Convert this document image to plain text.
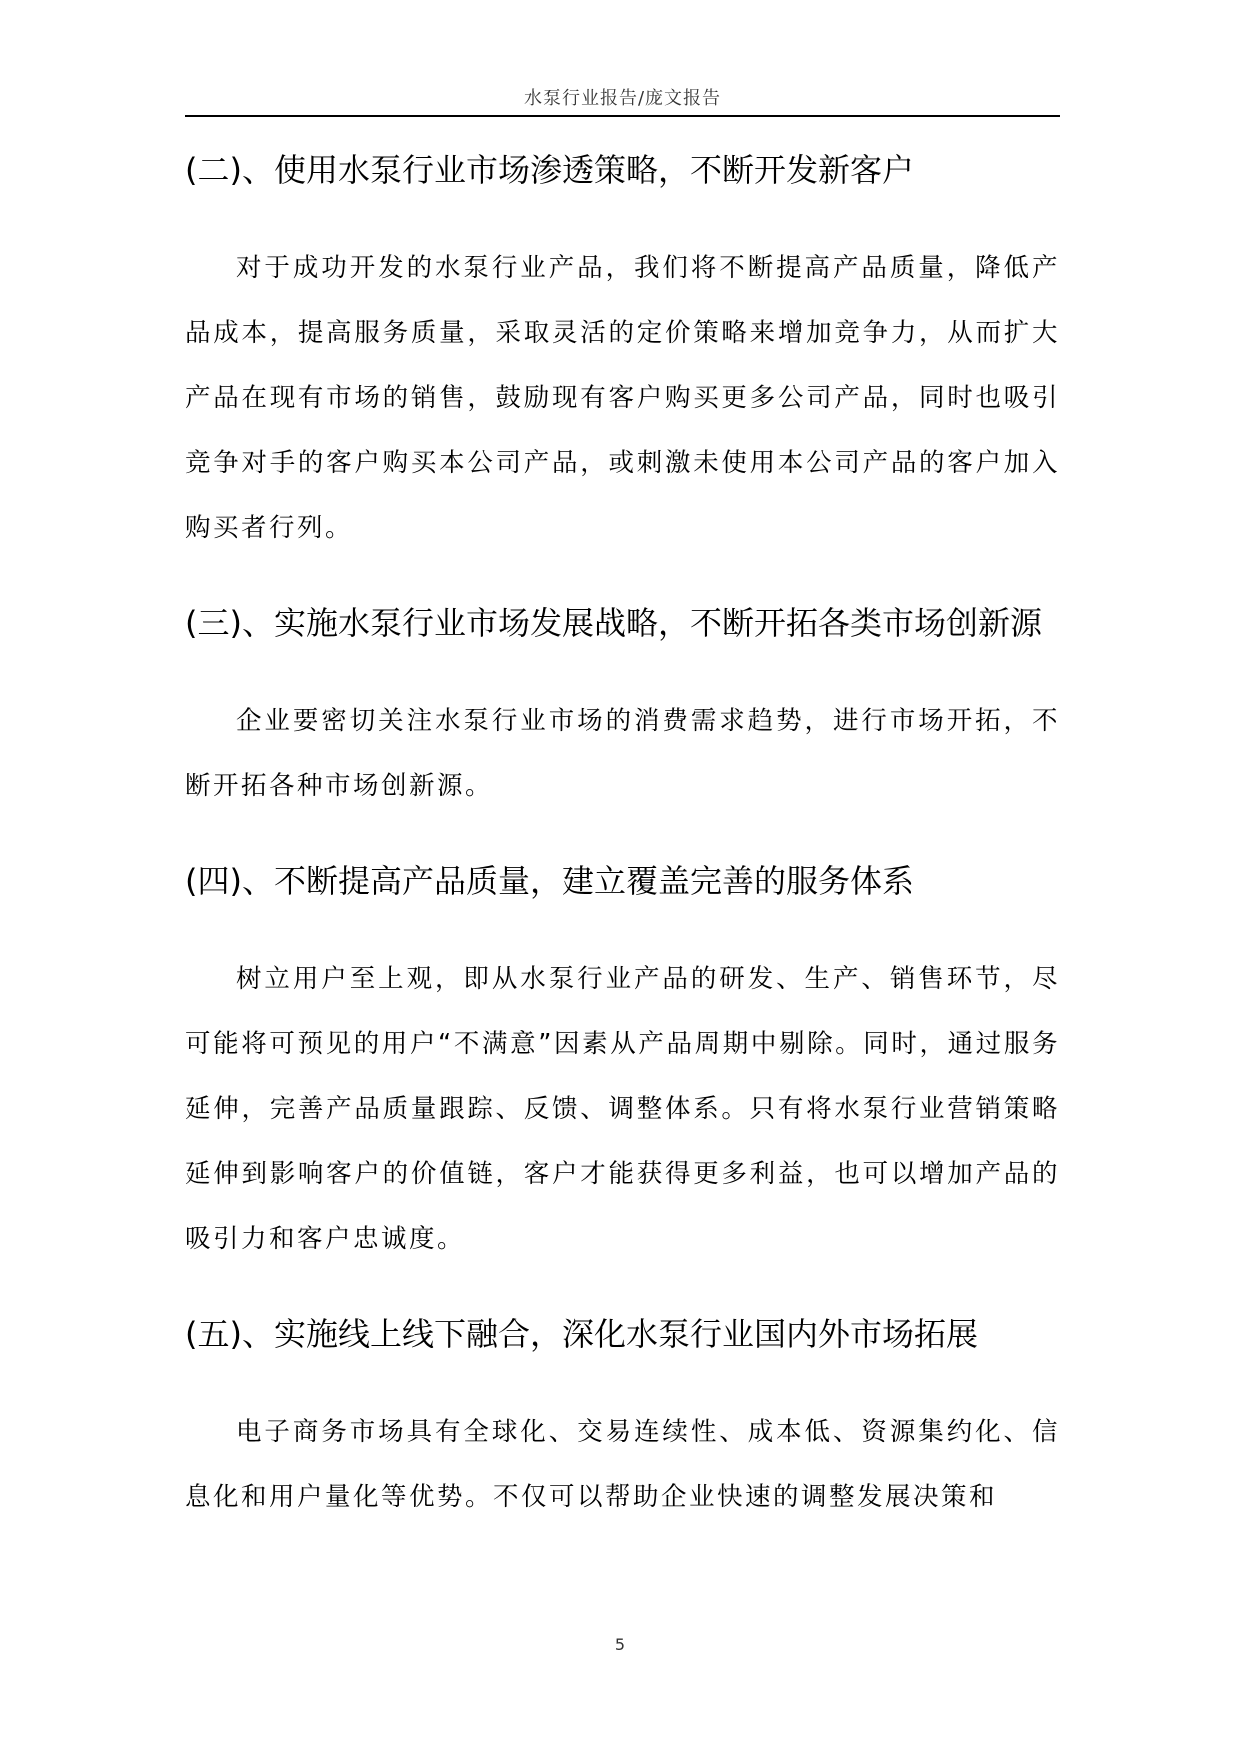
水泵行业报告/庞文报告
(二)、使用水泵行业市场渗透策略，不断开发新客户

对于成功开发的水泵行业产品，我们将不断提高产品质量，降低产品成本，提高服务质量，采取灵活的定价策略来增加竞争力，从而扩大产品在现有市场的销售，鼓励现有客户购买更多公司产品，同时也吸引竞争对手的客户购买本公司产品，或刺激未使用本公司产品的客户加入购买者行列。

(三)、实施水泵行业市场发展战略，不断开拓各类市场创新源

企业要密切关注水泵行业市场的消费需求趋势，进行市场开拓，不断开拓各种市场创新源。

(四)、不断提高产品质量，建立覆盖完善的服务体系

树立用户至上观，即从水泵行业产品的研发、生产、销售环节，尽可能将可预见的用户“不满意”因素从产品周期中剔除。同时，通过服务延伸，完善产品质量跟踪、反馈、调整体系。只有将水泵行业营销策略延伸到影响客户的价值链，客户才能获得更多利益，也可以增加产品的吸引力和客户忠诚度。

(五)、实施线上线下融合，深化水泵行业国内外市场拓展

电子商务市场具有全球化、交易连续性、成本低、资源集约化、信息化和用户量化等优势。不仅可以帮助企业快速的调整发展决策和

5
